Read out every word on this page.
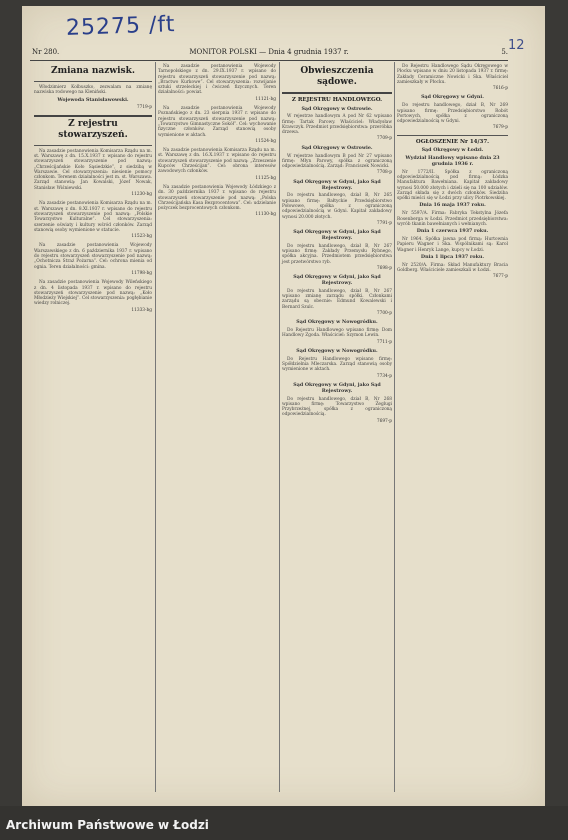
25275 /ft
12
Nr 280.	MONITOR POLSKI — Dnia 4 grudnia 1937 r.	5.
Zmiana nazwisk.

Włodzimierz Kolbuszko, zezwalam na zmianę nazwiska rodowego na Kleniński.

Wojewoda Stanisławowski.
7719-p
Z rejestru stowarzyszeń.

Na zasadzie postanowienia Komisarza Rządu na m. st. Warszawę z dn. 15.X.1937 r. wpisano do rejestru stowarzyszeń stowarzyszenie pod nazwą: „Chrześcijańskie Koło Sąsiedzkie”, z siedzibą w Warszawie. Cel stowarzyszenia: niesienie pomocy członkom. Terenem działalności jest m. st. Warszawa. Zarząd stanowią: Jan Kowalski, Józef Nowak, Stanisław Wiśniewski.

11230-bg

Na zasadzie postanowienia Komisarza Rządu na m. st. Warszawę z dn. 8.XI.1937 r. wpisano do rejestru stowarzyszeń stowarzyszenie pod nazwą: „Polskie Towarzystwo Kulturalne”. Cel stowarzyszenia: szerzenie oświaty i kultury wśród członków. Zarząd stanowią osoby wymienione w statucie.

11523-bg

Na zasadzie postanowienia Wojewody Warszawskiego z dn. 6 października 1937 r. wpisano do rejestru stowarzyszeń stowarzyszenie pod nazwą: „Ochotnicza Straż Pożarna”. Cel: ochrona mienia od ognia. Teren działalności: gmina.

11798-bg

Na zasadzie postanowienia Wojewody Wileńskiego z dn. 4 listopada 1937 r. wpisano do rejestru stowarzyszeń stowarzyszenie pod nazwą: „Koło Młodzieży Wiejskiej”. Cel stowarzyszenia: pogłębianie wiedzy rolniczej.

11333-bg

Na zasadzie postanowienia Wojewody Tarnopolskiego z dn. 29.IX.1937 r. wpisano do rejestru stowarzyszeń stowarzyszenie pod nazwą: „Bractwo Kurkowe”. Cel stowarzyszenia: rozwijanie sztuki strzeleckiej i ćwiczeń fizycznych. Teren działalności: powiat.

11121-bg

Na zasadzie postanowienia Wojewody Poznańskiego z dn. 23 sierpnia 1937 r. wpisano do rejestru stowarzyszeń stowarzyszenie pod nazwą: „Towarzystwo Gimnastyczne Sokół”. Cel: wychowanie fizyczne członków. Zarząd stanowią osoby wymienione w aktach.

11524-bg

Na zasadzie postanowienia Komisarza Rządu na m. st. Warszawę z dn. 16.X.1937 r. wpisano do rejestru stowarzyszeń stowarzyszenie pod nazwą: „Zrzeszenie Kupców Chrześcijan”. Cel: obrona interesów zawodowych członków.

11125-bg

Na zasadzie postanowienia Wojewody Łódzkiego z dn. 30 października 1937 r. wpisano do rejestru stowarzyszeń stowarzyszenie pod nazwą: „Polska Chrześcijańska Kasa Bezprocentowa”. Cel: udzielanie pożyczek bezprocentowych członkom.

11130-bg
Obwieszczenia sądowe.
Z REJESTRU HANDLOWEGO.
Sąd Okręgowy w Ostrowie.

W rejestrze handlowym A pod Nr 62 wpisano firmę: Tartak Parowy. Właściciel: Władysław Krawczyk. Przedmiot przedsiębiorstwa: przeróbka drzewa.

7709-p
Sąd Okręgowy w Ostrowie.

W rejestrze handlowym B pod Nr 27 wpisano firmę: Młyn Parowy, spółka z ograniczoną odpowiedzialnością. Zarząd: Franciszek Nowicki.

7708-p
Sąd Okręgowy w Gdyni, jako Sąd Rejestrowy.

Do rejestru handlowego, dział B, Nr 265 wpisano firmę: Bałtyckie Przedsiębiorstwo Połowowe, spółka z ograniczoną odpowiedzialnością w Gdyni. Kapitał zakładowy wynosi 20.000 złotych.

7791-p
Sąd Okręgowy w Gdyni, jako Sąd Rejestrowy.

Do rejestru handlowego, dział B, Nr 267 wpisano firmę: Zakłady Przemysłu Rybnego, spółka akcyjna. Przedmiotem przedsiębiorstwa jest przetwórstwo ryb.

7698-p
Sąd Okręgowy w Gdyni, jako Sąd Rejestrowy.

Do rejestru handlowego, dział B, Nr 267 wpisano zmianę zarządu spółki. Członkami zarządu są obecnie: Edmund Kowalewski i Bernard Szulc.

7700-p
Sąd Okręgowy w Nowogródku.

Do Rejestru Handlowego wpisano firmę: Dom Handlowy Zgoda. Właściciel: Szymon Lewin.

7711-p
Sąd Okręgowy w Nowogródku.

Do Rejestru Handlowego wpisano firmę: Spółdzielnia Mleczarska. Zarząd stanowią osoby wymienione w aktach.

7734-p
Sąd Okręgowy w Gdyni, jako Sąd Rejestrowy.

Do rejestru handlowego, dział B, Nr 268 wpisano firmę: Towarzystwo Żeglugi Przybrzeżnej, spółka z ograniczoną odpowiedzialnością.

7697-p

Do Rejestru Handlowego Sądu Okręgowego w Płocku wpisano w dniu 20 listopada 1937 r. firmę: Zakłady Ceramiczne Nowicki i Ska. Właściciel zamieszkały w Płocku.

7616-p
Sąd Okręgowy w Gdyni.

Do rejestru handlowego, dział B, Nr 269 wpisano firmę: Przedsiębiorstwo Robót Portowych, spółka z ograniczoną odpowiedzialnością w Gdyni.

7679-p
OGŁOSZENIE Nr 14/37.
Sąd Okręgowy w Łodzi.
Wydział Handlowy wpisano dnia 23 grudnia 1936 r.

Nr 1772/II. Spółka z ograniczoną odpowiedzialnością pod firmą: Łódzka Manufaktura Bawełniana. Kapitał zakładowy wynosi 50.000 złotych i dzieli się na 100 udziałów. Zarząd składa się z dwóch członków. Siedziba spółki mieści się w Łodzi przy ulicy Piotrkowskiej.

Dnia 16 maja 1937 roku.

Nr 5597/A. Firma: Fabryka Tekstylna Józefa Rosenberga w Łodzi. Przedmiot przedsiębiorstwa: wyrób tkanin bawełnianych i wełnianych.

Dnia 1 czerwca 1937 roku.

Nr 1964. Spółka jawna pod firmą: Hurtownia Papieru Wagner i Ska. Wspólnikami są: Karol Wagner i Henryk Lange, kupcy w Łodzi.

Dnia 1 lipca 1937 roku.

Nr 2520/A. Firma: Skład Manufaktury Bracia Goldberg. Właściciele zamieszkali w Łodzi.

7677-p
Archiwum Państwowe w Łodzi
